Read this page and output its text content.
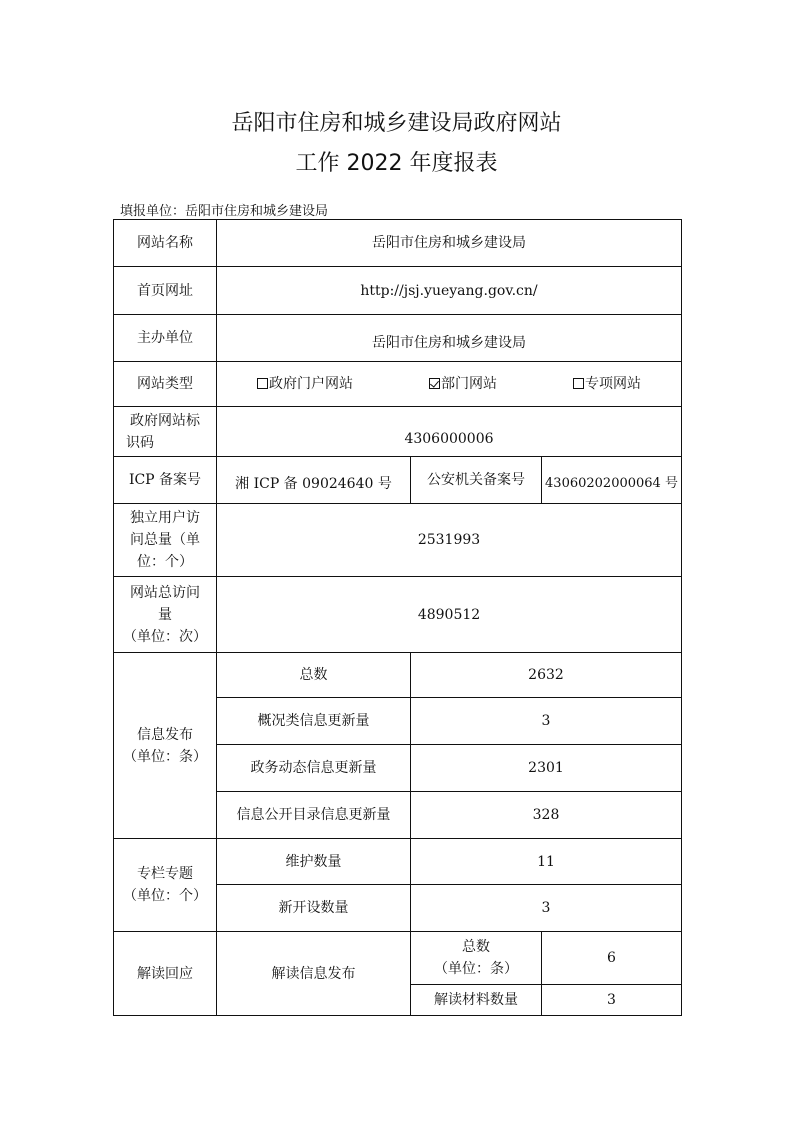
岳阳市住房和城乡建设局政府网站
工作 2022 年度报表
填报单位：岳阳市住房和城乡建设局
网站名称	岳阳市住房和城乡建设局		
首页网址	http://jsj.yueyang.gov.cn/		
主办单位	岳阳市住房和城乡建设局		
网站类型	政府门户网站 部门网站 专项网站		

政府网站标
识码	4306000006		
ICP 备案号	湘 ICP 备 09024640 号	公安机关备案号	43060202000064 号

独立用户访
问总量（单
位：个）	2531993		

网站总访问
量
（单位：次）	4890512		

信息发布
（单位：条）	总数	2632	
	概况类信息更新量	3	
	政务动态信息更新量	2301	
	信息公开目录信息更新量	328	

专栏专题
（单位：个）	维护数量	11	
	新开设数量	3	
解读回应	解读信息发布	总数
（单位：条）	6
		解读材料数量	3
